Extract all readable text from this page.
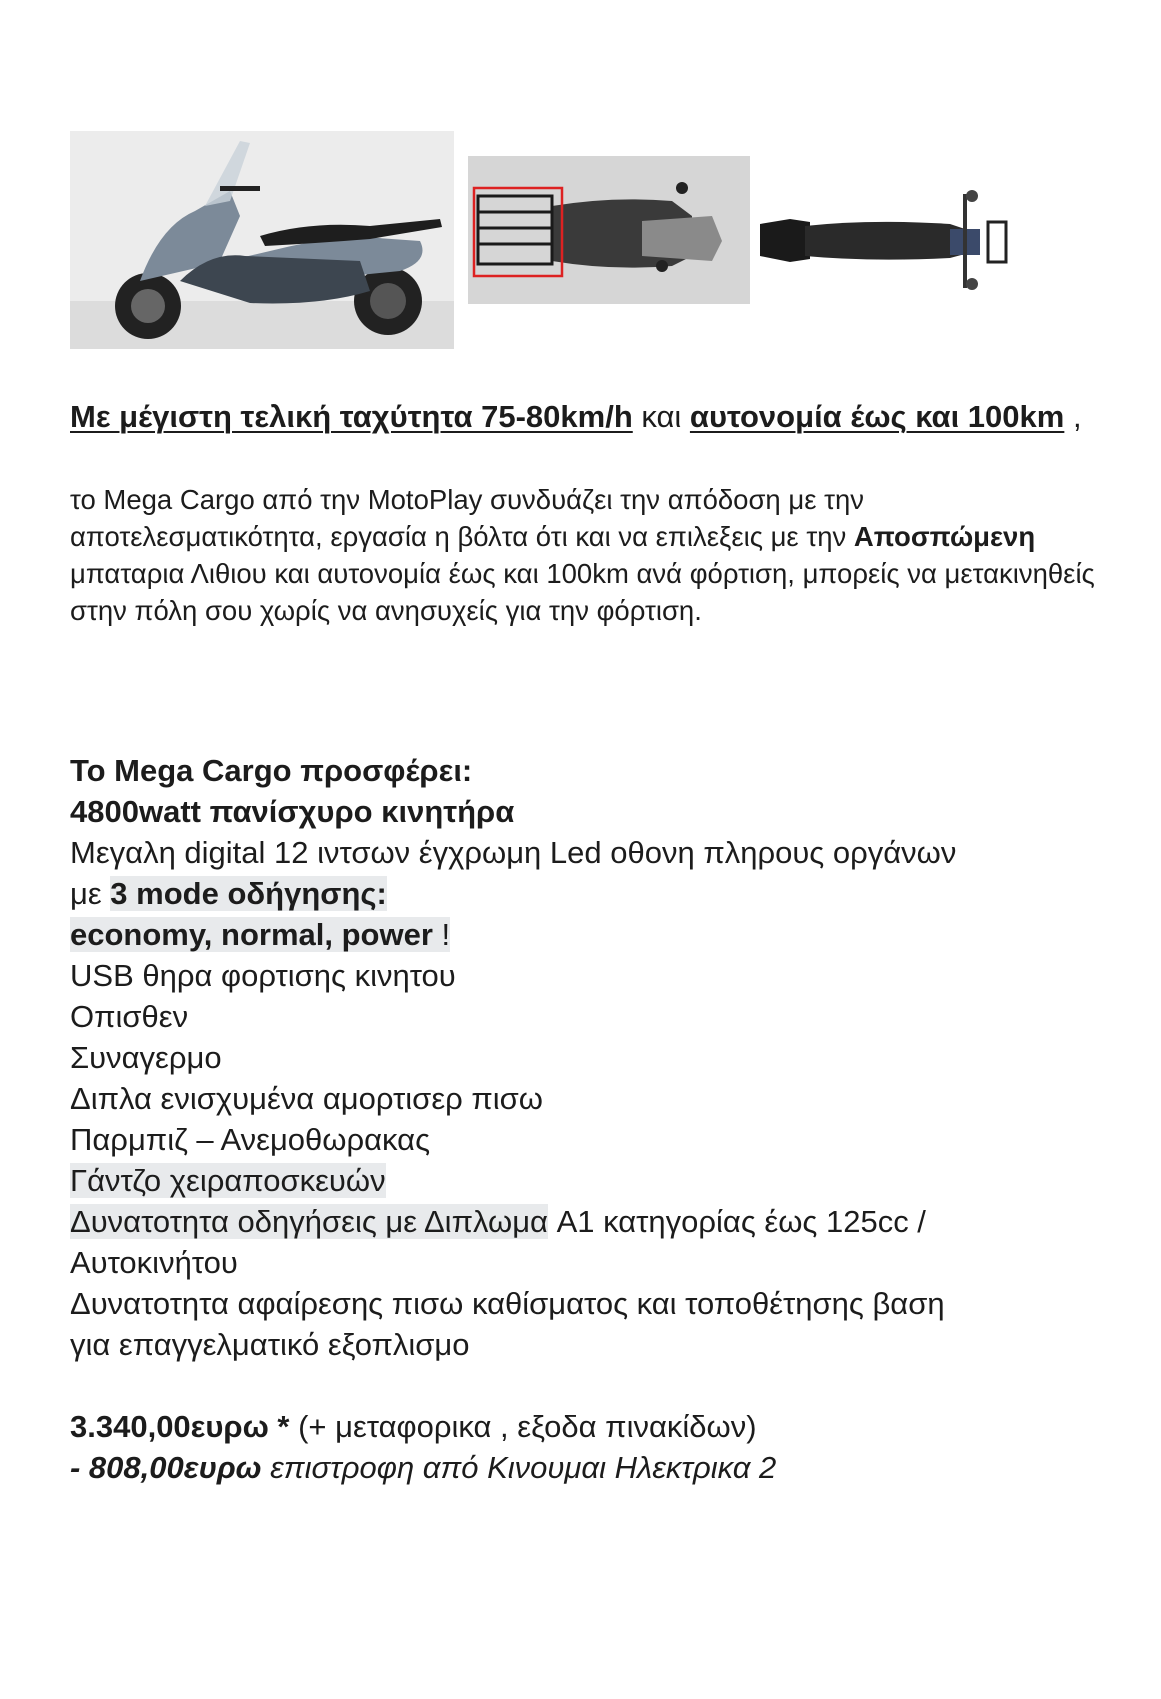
Με μέγιστη τελική ταχύτητα 75-80km/h και αυτονομία έως και 100km ,

το Mega Cargo από την MotoPlay συνδυάζει την απόδοση με την αποτελεσματικότητα, εργασία η βόλτα ότι και να επιλεξεις με την Αποσπώμενη μπαταρια Λιθιου και αυτονομία έως και 100km ανά φόρτιση, μπορείς να μετακινηθείς στην πόλη σου χωρίς να ανησυχείς για την φόρτιση.

Το Mega Cargo προσφέρει:
4800watt πανίσχυρο κινητήρα
Μεγαλη digital 12 ιντσων έγχρωμη Led οθονη πληρους οργάνων
με 3 mode οδήγησης:
economy, normal, power !
USB θηρα φορτισης κινητου
Οπισθεν
Συναγερμο
Διπλα ενισχυμένα αμορτισερ πισω
Παρμπιζ – Ανεμοθωρακας
Γάντζο χειραποσκευών
Δυνατοτητα οδηγήσεις με Διπλωμα A1 κατηγορίας έως 125cc /
Αυτοκινήτου
Δυνατοτητα αφαίρεσης πισω καθίσματος και τοποθέτησης βαση
για επαγγελματικό εξοπλισμο
3.340,00ευρω * (+ μεταφορικα , εξοδα πινακίδων)
- 808,00ευρω επιστροφη από Κινουμαι Ηλεκτρικα 2
